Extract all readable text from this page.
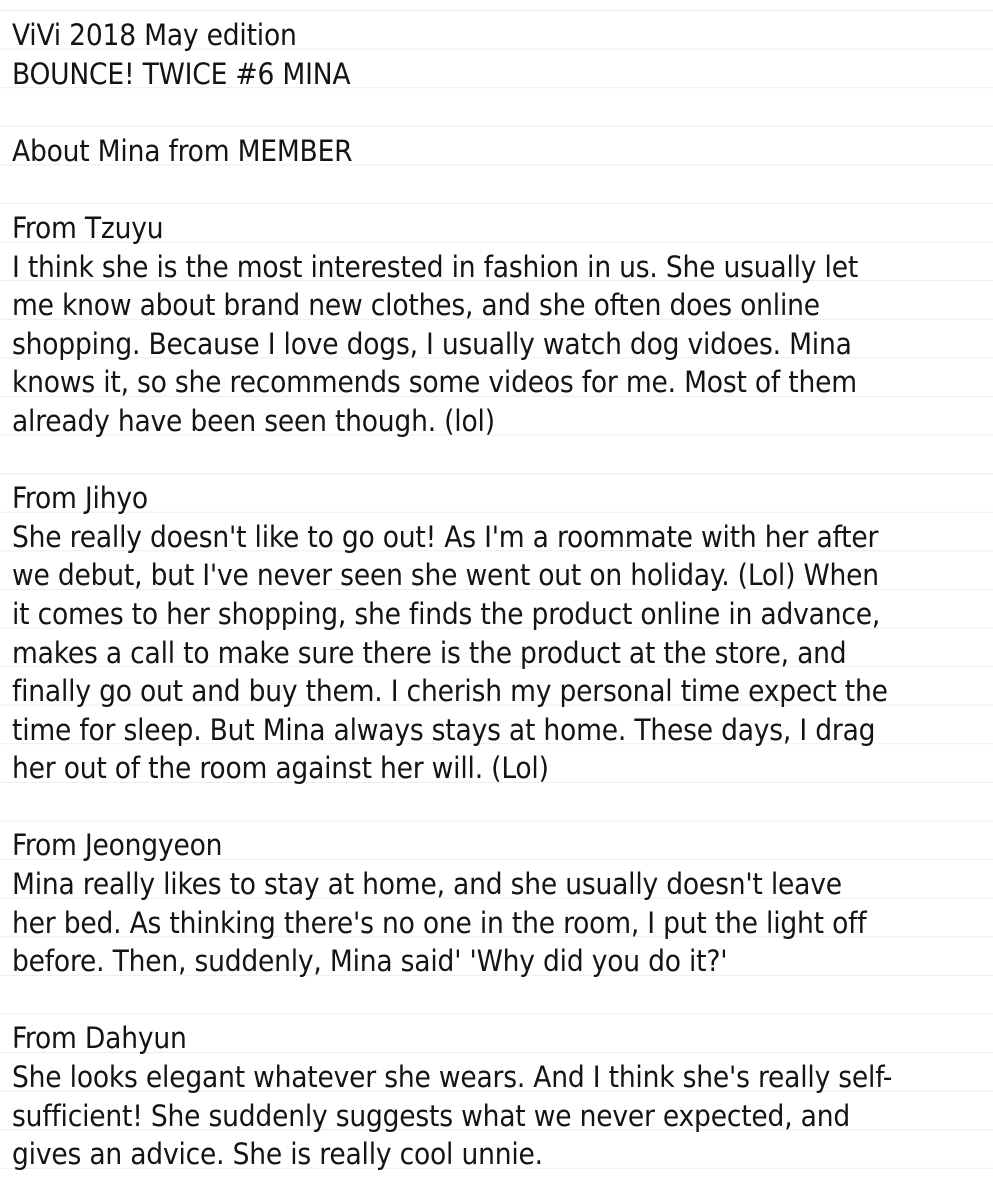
ViVi 2018 May edition
BOUNCE! TWICE #6 MINA
About Mina from MEMBER
From Tzuyu
I think she is the most interested in fashion in us. She usually let
me know about brand new clothes, and she often does online
shopping. Because I love dogs, I usually watch dog vidoes. Mina
knows it, so she recommends some videos for me. Most of them
already have been seen though. (lol)
From Jihyo
She really doesn't like to go out! As I'm a roommate with her after
we debut, but I've never seen she went out on holiday. (Lol) When
it comes to her shopping, she finds the product online in advance,
makes a call to make sure there is the product at the store, and
finally go out and buy them. I cherish my personal time expect the
time for sleep. But Mina always stays at home. These days, I drag
her out of the room against her will. (Lol)
From Jeongyeon
Mina really likes to stay at home, and she usually doesn't leave
her bed. As thinking there's no one in the room, I put the light off
before. Then, suddenly, Mina said' 'Why did you do it?'
From Dahyun
She looks elegant whatever she wears. And I think she's really self-
sufficient! She suddenly suggests what we never expected, and
gives an advice. She is really cool unnie.
